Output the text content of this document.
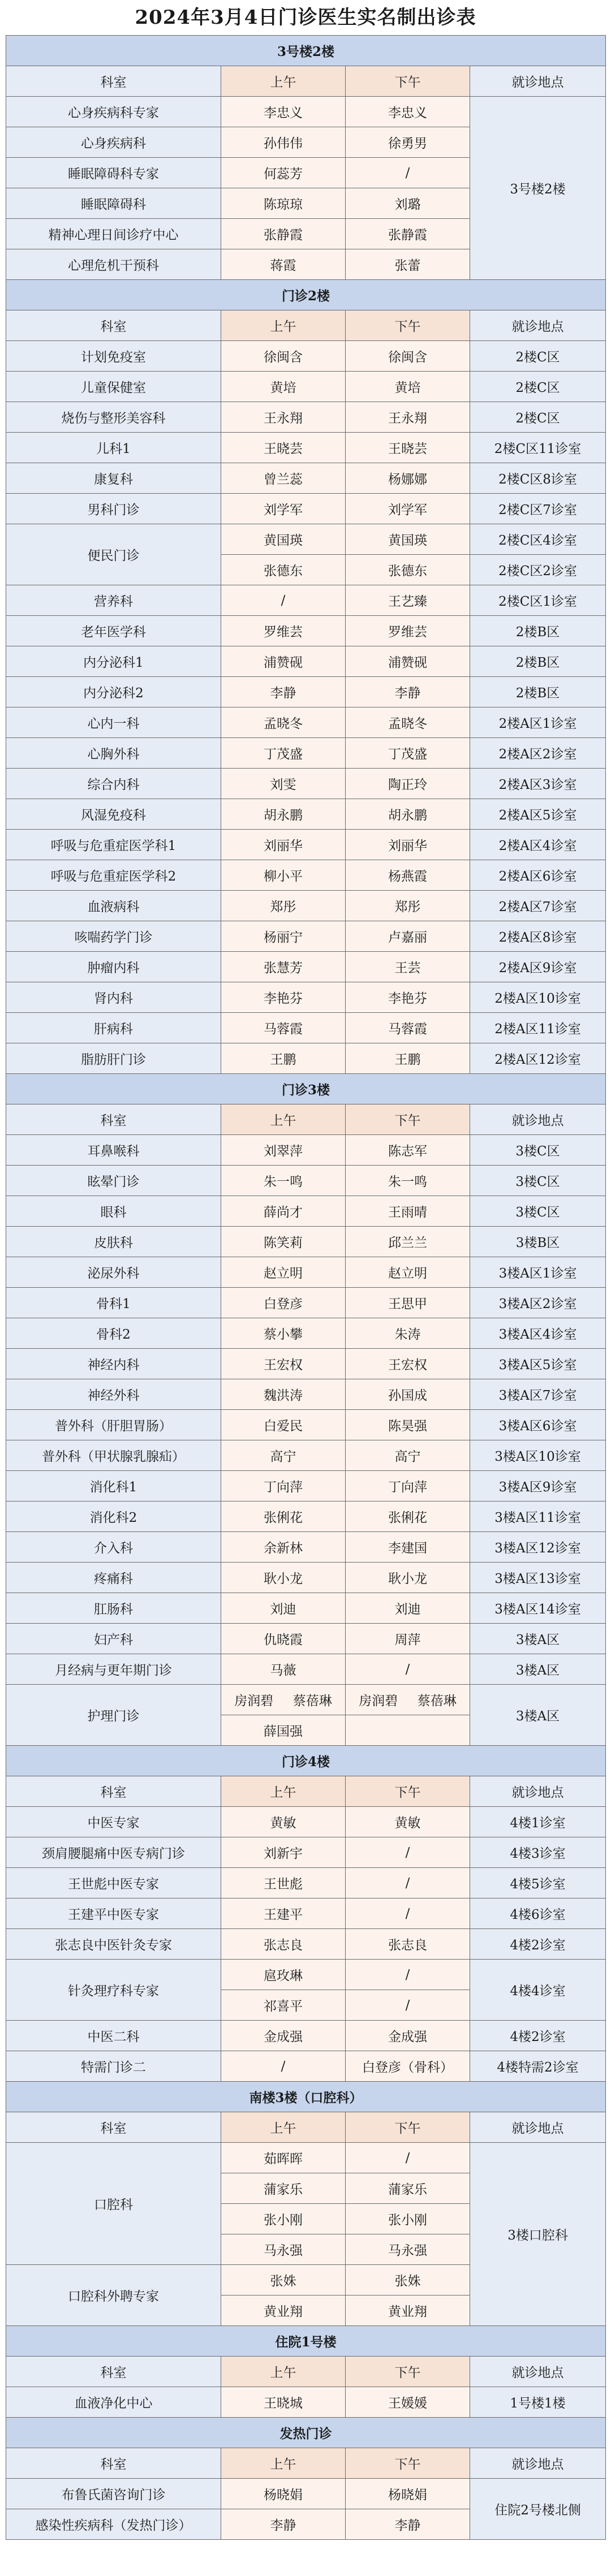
2024年3月4日门诊医生实名制出诊表
3号楼2楼			
科室	上午	下午	就诊地点
心身疾病科专家	李忠义	李忠义	3号楼2楼
心身疾病科	孙伟伟	徐勇男	
睡眠障碍科专家	何蕊芳	/	
睡眠障碍科	陈琼琼	刘璐	
精神心理日间诊疗中心	张静霞	张静霞	
心理危机干预科	蒋霞	张蕾	
门诊2楼			
科室	上午	下午	就诊地点
计划免疫室	徐闽含	徐闽含	2楼C区
儿童保健室	黄培	黄培	2楼C区
烧伤与整形美容科	王永翔	王永翔	2楼C区
儿科1	王晓芸	王晓芸	2楼C区11诊室
康复科	曾兰蕊	杨娜娜	2楼C区8诊室
男科门诊	刘学军	刘学军	2楼C区7诊室
便民门诊	黄国瑛	黄国瑛	2楼C区4诊室
	张德东	张德东	2楼C区2诊室
营养科	/	王艺臻	2楼C区1诊室
老年医学科	罗维芸	罗维芸	2楼B区
内分泌科1	浦赞砚	浦赞砚	2楼B区
内分泌科2	李静	李静	2楼B区
心内一科	孟晓冬	孟晓冬	2楼A区1诊室
心胸外科	丁茂盛	丁茂盛	2楼A区2诊室
综合内科	刘雯	陶正玲	2楼A区3诊室
风湿免疫科	胡永鹏	胡永鹏	2楼A区5诊室
呼吸与危重症医学科1	刘丽华	刘丽华	2楼A区4诊室
呼吸与危重症医学科2	柳小平	杨燕霞	2楼A区6诊室
血液病科	郑彤	郑彤	2楼A区7诊室
咳喘药学门诊	杨丽宁	卢嘉丽	2楼A区8诊室
肿瘤内科	张慧芳	王芸	2楼A区9诊室
肾内科	李艳芬	李艳芬	2楼A区10诊室
肝病科	马蓉霞	马蓉霞	2楼A区11诊室
脂肪肝门诊	王鹏	王鹏	2楼A区12诊室
门诊3楼			
科室	上午	下午	就诊地点
耳鼻喉科	刘翠萍	陈志军	3楼C区
眩晕门诊	朱一鸣	朱一鸣	3楼C区
眼科	薛尚才	王雨晴	3楼C区
皮肤科	陈笑莉	邱兰兰	3楼B区
泌尿外科	赵立明	赵立明	3楼A区1诊室
骨科1	白登彦	王思甲	3楼A区2诊室
骨科2	蔡小攀	朱涛	3楼A区4诊室
神经内科	王宏权	王宏权	3楼A区5诊室
神经外科	魏洪涛	孙国成	3楼A区7诊室
普外科（肝胆胃肠）	白爱民	陈昊强	3楼A区6诊室
普外科（甲状腺乳腺疝）	高宁	高宁	3楼A区10诊室
消化科1	丁向萍	丁向萍	3楼A区9诊室
消化科2	张俐花	张俐花	3楼A区11诊室
介入科	余新林	李建国	3楼A区12诊室
疼痛科	耿小龙	耿小龙	3楼A区13诊室
肛肠科	刘迪	刘迪	3楼A区14诊室
妇产科	仇晓霞	周萍	3楼A区
月经病与更年期门诊	马薇	/	3楼A区
护理门诊	房润碧 蔡蓓琳	房润碧 蔡蓓琳	3楼A区
	薛国强		
门诊4楼			
科室	上午	下午	就诊地点
中医专家	黄敏	黄敏	4楼1诊室
颈肩腰腿痛中医专病门诊	刘新宇	/	4楼3诊室
王世彪中医专家	王世彪	/	4楼5诊室
王建平中医专家	王建平	/	4楼6诊室
张志良中医针灸专家	张志良	张志良	4楼2诊室
针灸理疗科专家	扈玫琳	/	4楼4诊室
	祁喜平	/	
中医二科	金成强	金成强	4楼2诊室
特需门诊二	/	白登彦（骨科）	4楼特需2诊室
南楼3楼（口腔科）			
科室	上午	下午	就诊地点
口腔科	茹晖晖	/	3楼口腔科
	蒲家乐	蒲家乐	
	张小刚	张小刚	
	马永强	马永强	
口腔科外聘专家	张姝	张姝	
	黄业翔	黄业翔	
住院1号楼			
科室	上午	下午	就诊地点
血液净化中心	王晓城	王媛媛	1号楼1楼
发热门诊			
科室	上午	下午	就诊地点
布鲁氏菌咨询门诊	杨晓娟	杨晓娟	住院2号楼北侧
感染性疾病科（发热门诊）	李静	李静	
